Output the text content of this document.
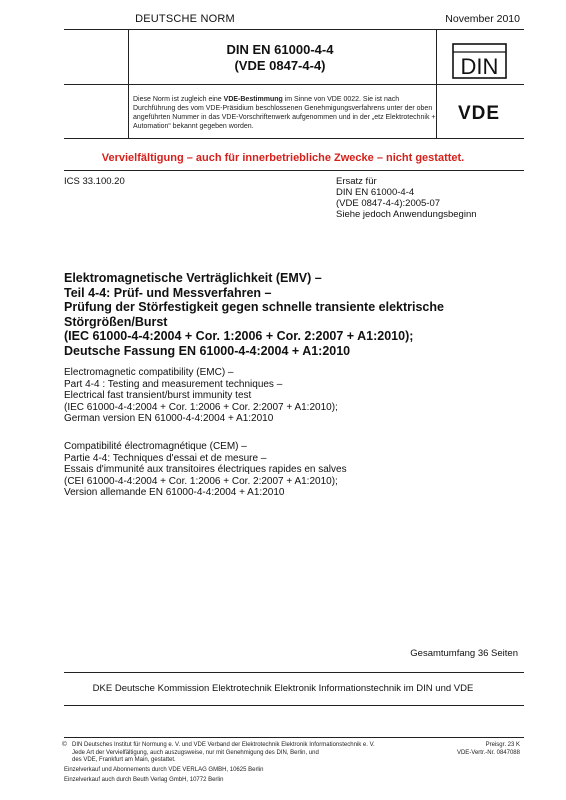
DEUTSCHE NORM	November 2010
DIN EN 61000-4-4
(VDE 0847-4-4)	DIN
Diese Norm ist zugleich eine VDE-Bestimmung im Sinne von VDE 0022. Sie ist nach Durchführung des vom VDE-Präsidium beschlossenen Genehmigungsverfahrens unter der oben angeführten Nummer in das VDE-Vorschriftenwerk aufgenommen und in der „etz Elektrotechnik + Automation“ bekannt gegeben worden.
VDE
Vervielfältigung – auch für innerbetriebliche Zwecke – nicht gestattet.
ICS 33.100.20	Ersatz für
DIN EN 61000-4-4
(VDE 0847-4-4):2005-07
Siehe jedoch Anwendungsbeginn
Elektromagnetische Verträglichkeit (EMV) –
Teil 4-4: Prüf- und Messverfahren –
Prüfung der Störfestigkeit gegen schnelle transiente elektrische
Störgrößen/Burst
(IEC 61000-4-4:2004 + Cor. 1:2006 + Cor. 2:2007 + A1:2010);
Deutsche Fassung EN 61000-4-4:2004 + A1:2010
Electromagnetic compatibility (EMC) –
Part 4-4 : Testing and measurement techniques –
Electrical fast transient/burst immunity test
(IEC 61000-4-4:2004 + Cor. 1:2006 + Cor. 2:2007 + A1:2010);
German version EN 61000-4-4:2004 + A1:2010
Compatibilité électromagnétique (CEM) –
Partie 4-4: Techniques d'essai et de mesure –
Essais d'immunité aux transitoires électriques rapides en salves
(CEI 61000-4-4:2004 + Cor. 1:2006 + Cor. 2:2007 + A1:2010);
Version allemande EN 61000-4-4:2004 + A1:2010
Gesamtumfang 36 Seiten
DKE Deutsche Kommission Elektrotechnik Elektronik Informationstechnik im DIN und VDE
© DIN Deutsches Institut für Normung e. V. und VDE Verband der Elektrotechnik Elektronik Informationstechnik e. V.
Jede Art der Vervielfältigung, auch auszugsweise, nur mit Genehmigung des DIN, Berlin, und
des VDE, Frankfurt am Main, gestattet.
Preisgr. 23 K
VDE-Vertr.-Nr. 0847088
Einzelverkauf und Abonnements durch VDE VERLAG GMBH, 10625 Berlin
Einzelverkauf auch durch Beuth Verlag GmbH, 10772 Berlin
